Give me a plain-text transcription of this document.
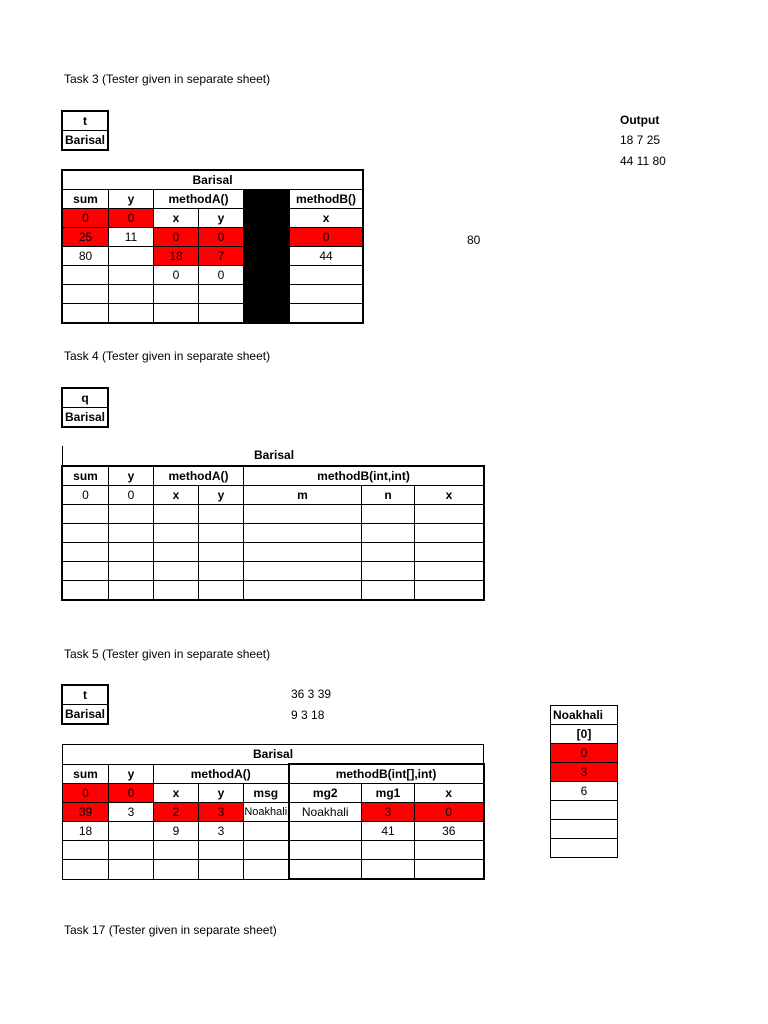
Task 3 (Tester given in separate sheet)
t
Barisal
Output
18 7 25
44 11 80
80
Barisal					
sum	y	methodA()			methodB()
0	0	x	y		x
25	11	0	0		0
80		18	7		44
		0	0		

Task 4 (Tester given in separate sheet)
q
Barisal
Barisal
sum	y	methodA()		methodB(int,int)		
0	0	x	y	m	n	x

Task 5 (Tester given in separate sheet)
t
Barisal
36 3 39
9 3 18
Barisal							
sum	y	methodA()			methodB(int[],int)		
0	0	x	y	msg	mg2	mg1	x
39	3	2	3	Noakhali	Noakhali	3	0
18		9	3			41	36

Noakhali
[0]
0
3
6

Task 17 (Tester given in separate sheet)
